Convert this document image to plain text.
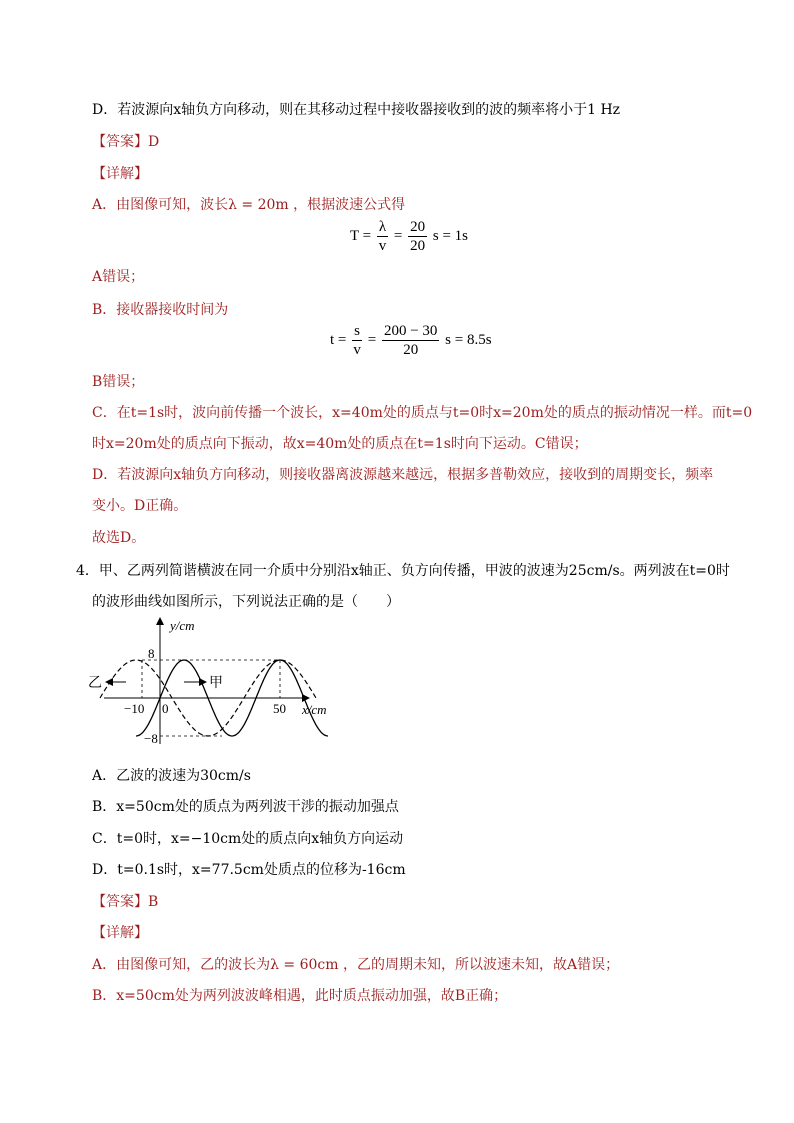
D．若波源向x轴负方向移动，则在其移动过程中接收器接收到的波的频率将小于1 Hz
【答案】D
【详解】
A．由图像可知，波长λ = 20m ，根据波速公式得
$T = \frac{\lambda}{v} = \frac{20}{20}$ s = 1s
A错误；
B．接收器接收时间为
$t = \frac{s}{v} = \frac{200 - 30}{20}$ s = 8.5s
B错误；
C．在t=1s时，波向前传播一个波长，x=40m处的质点与t=0时x=20m处的质点的振动情况一样。而t=0
时x=20m处的质点向下振动，故x=40m处的质点在t=1s时向下运动。C错误；
D．若波源向x轴负方向移动，则接收器离波源越来越远，根据多普勒效应，接收到的周期变长，频率
变小。D正确。
故选D。
4．甲、乙两列简谐横波在同一介质中分别沿x轴正、负方向传播，甲波的波速为25cm/s。两列波在t=0时
的波形曲线如图所示，下列说法正确的是（　　）
y/cm
x/cm
8
−8
−10 0	50
甲
乙
A．乙波的波速为30cm/s
B．x=50cm处的质点为两列波干涉的振动加强点
C．t=0时，x=−10cm处的质点向x轴负方向运动
D．t=0.1s时，x=77.5cm处质点的位移为-16cm
【答案】B
【详解】
A．由图像可知，乙的波长为λ = 60cm ，乙的周期未知，所以波速未知，故A错误；
B．x=50cm处为两列波波峰相遇，此时质点振动加强，故B正确；
